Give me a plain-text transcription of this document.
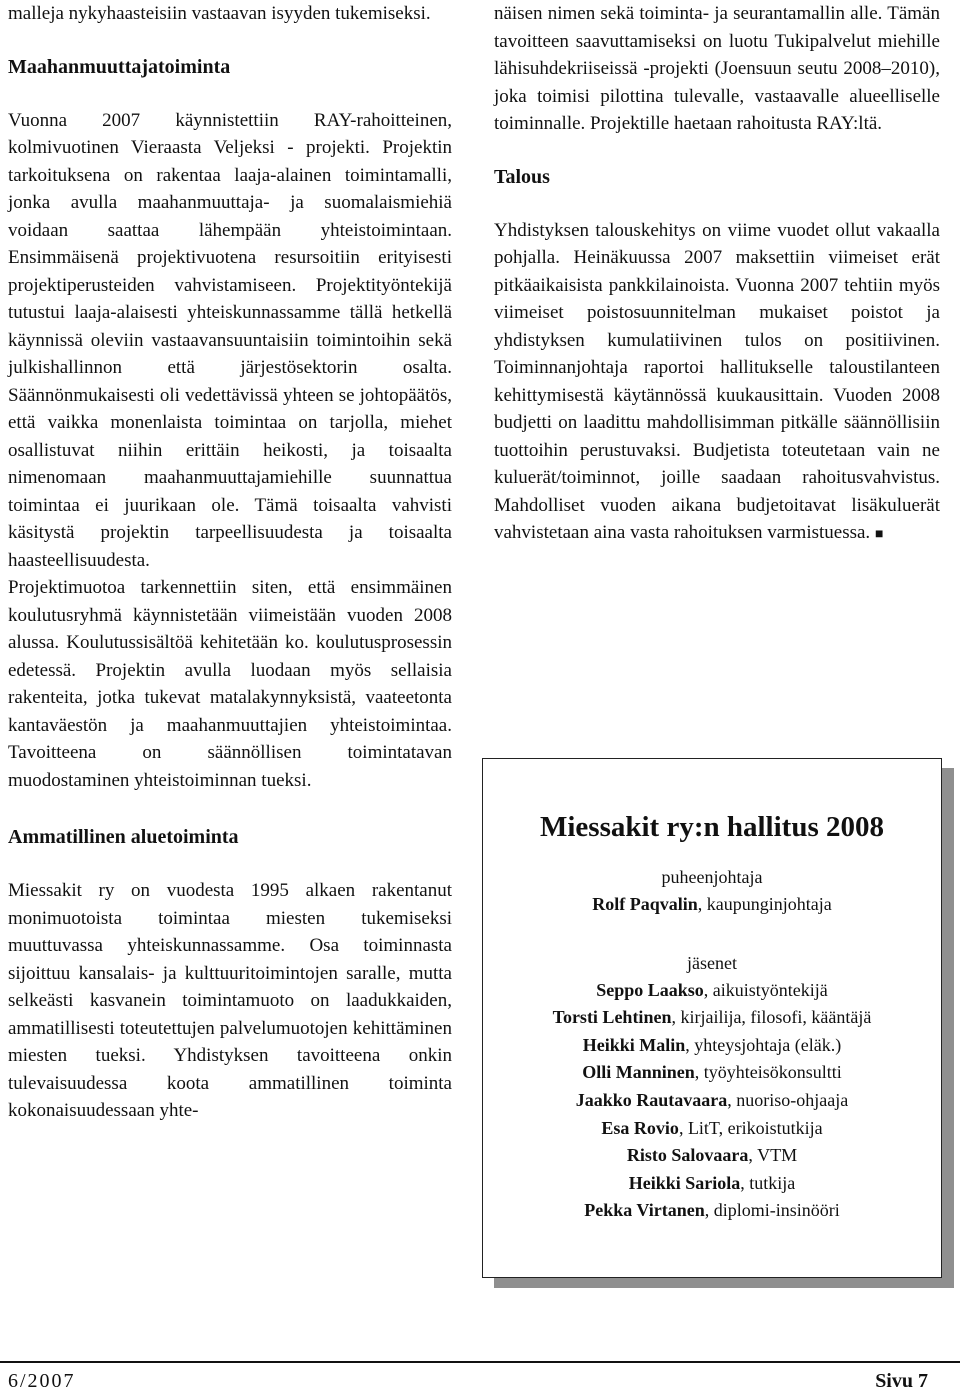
malleja nykyhaasteisiin vastaavan isyyden tukemiseksi.

Maahanmuuttajatoiminta

Vuonna 2007 käynnistettiin RAY-rahoitteinen, kolmivuotinen Vieraasta Veljeksi - projekti. Projektin tarkoituksena on rakentaa laaja-alainen toimintamalli, jonka avulla maahanmuuttaja- ja suomalaismiehiä voidaan saattaa lähempään yhteistoimintaan. Ensimmäisenä projektivuotena resursoitiin erityisesti projektiperusteiden vahvistamiseen. Projektityöntekijä tutustui laaja-alaisesti yhteiskunnassamme tällä hetkellä käynnissä oleviin vastaavansuuntaisiin toimintoihin sekä julkishallinnon että järjestösektorin osalta. Säännönmukaisesti oli vedettävissä yhteen se johtopäätös, että vaikka monenlaista toimintaa on tarjolla, miehet osallistuvat niihin erittäin heikosti, ja toisaalta nimenomaan maahanmuuttajamiehille suunnattua toimintaa ei juurikaan ole. Tämä toisaalta vahvisti käsitystä projektin tarpeellisuudesta ja toisaalta haasteellisuudesta.

Projektimuotoa tarkennettiin siten, että ensimmäinen koulutusryhmä käynnistetään viimeistään vuoden 2008 alussa. Koulutussisältöä kehitetään ko. koulutusprosessin edetessä. Projektin avulla luodaan myös sellaisia rakenteita, jotka tukevat matalakynnyksistä, vaateetonta kantaväestön ja maahanmuuttajien yhteistoimintaa. Tavoitteena on säännöllisen toimintatavan muodostaminen yhteistoiminnan tueksi.

Ammatillinen aluetoiminta

Miessakit ry on vuodesta 1995 alkaen rakentanut monimuotoista toimintaa miesten tukemiseksi muuttuvassa yhteiskunnassamme. Osa toiminnasta sijoittuu kansalais- ja kulttuuritoimintojen saralle, mutta selkeästi kasvanein toimintamuoto on laadukkaiden, ammatillisesti toteutettujen palvelumuotojen kehittäminen miesten tueksi. Yhdistyksen tavoitteena onkin tulevaisuudessa koota ammatillinen toiminta kokonaisuudessaan yhte-

näisen nimen sekä toiminta- ja seurantamallin alle. Tämän tavoitteen saavuttamiseksi on luotu Tukipalvelut miehille lähisuhdekriiseissä -projekti (Joensuun seutu 2008–2010), joka toimisi pilottina tulevalle, vastaavalle alueelliselle toiminnalle. Projektille haetaan rahoitusta RAY:ltä.

Talous

Yhdistyksen talouskehitys on viime vuodet ollut vakaalla pohjalla. Heinäkuussa 2007 maksettiin viimeiset erät pitkäaikaisista pankkilainoista. Vuonna 2007 tehtiin myös viimeiset poistosuunnitelman mukaiset poistot ja yhdistyksen kumulatiivinen tulos on positiivinen. Toiminnanjohtaja raportoi hallitukselle taloustilanteen kehittymisestä käytännössä kuukausittain. Vuoden 2008 budjetti on laadittu mahdollisimman pitkälle säännöllisiin tuottoihin perustuvaksi. Budjetista toteutetaan vain ne kuluerät/toiminnot, joille saadaan rahoitusvahvistus. Mahdolliset vuoden aikana budjetoitavat lisäkuluerät vahvistetaan aina vasta rahoituksen varmistuessa. ■

Miessakit ry:n hallitus 2008

puheenjohtaja

Rolf Paqvalin, kaupunginjohtaja

jäsenet

Seppo Laakso, aikuistyöntekijä

Torsti Lehtinen, kirjailija, filosofi, kääntäjä

Heikki Malin, yhteysjohtaja (eläk.)

Olli Manninen, työyhteisökonsultti

Jaakko Rautavaara, nuoriso-ohjaaja

Esa Rovio, LitT, erikoistutkija

Risto Salovaara, VTM

Heikki Sariola, tutkija

Pekka Virtanen, diplomi-insinööri

6/2007	Sivu 7
